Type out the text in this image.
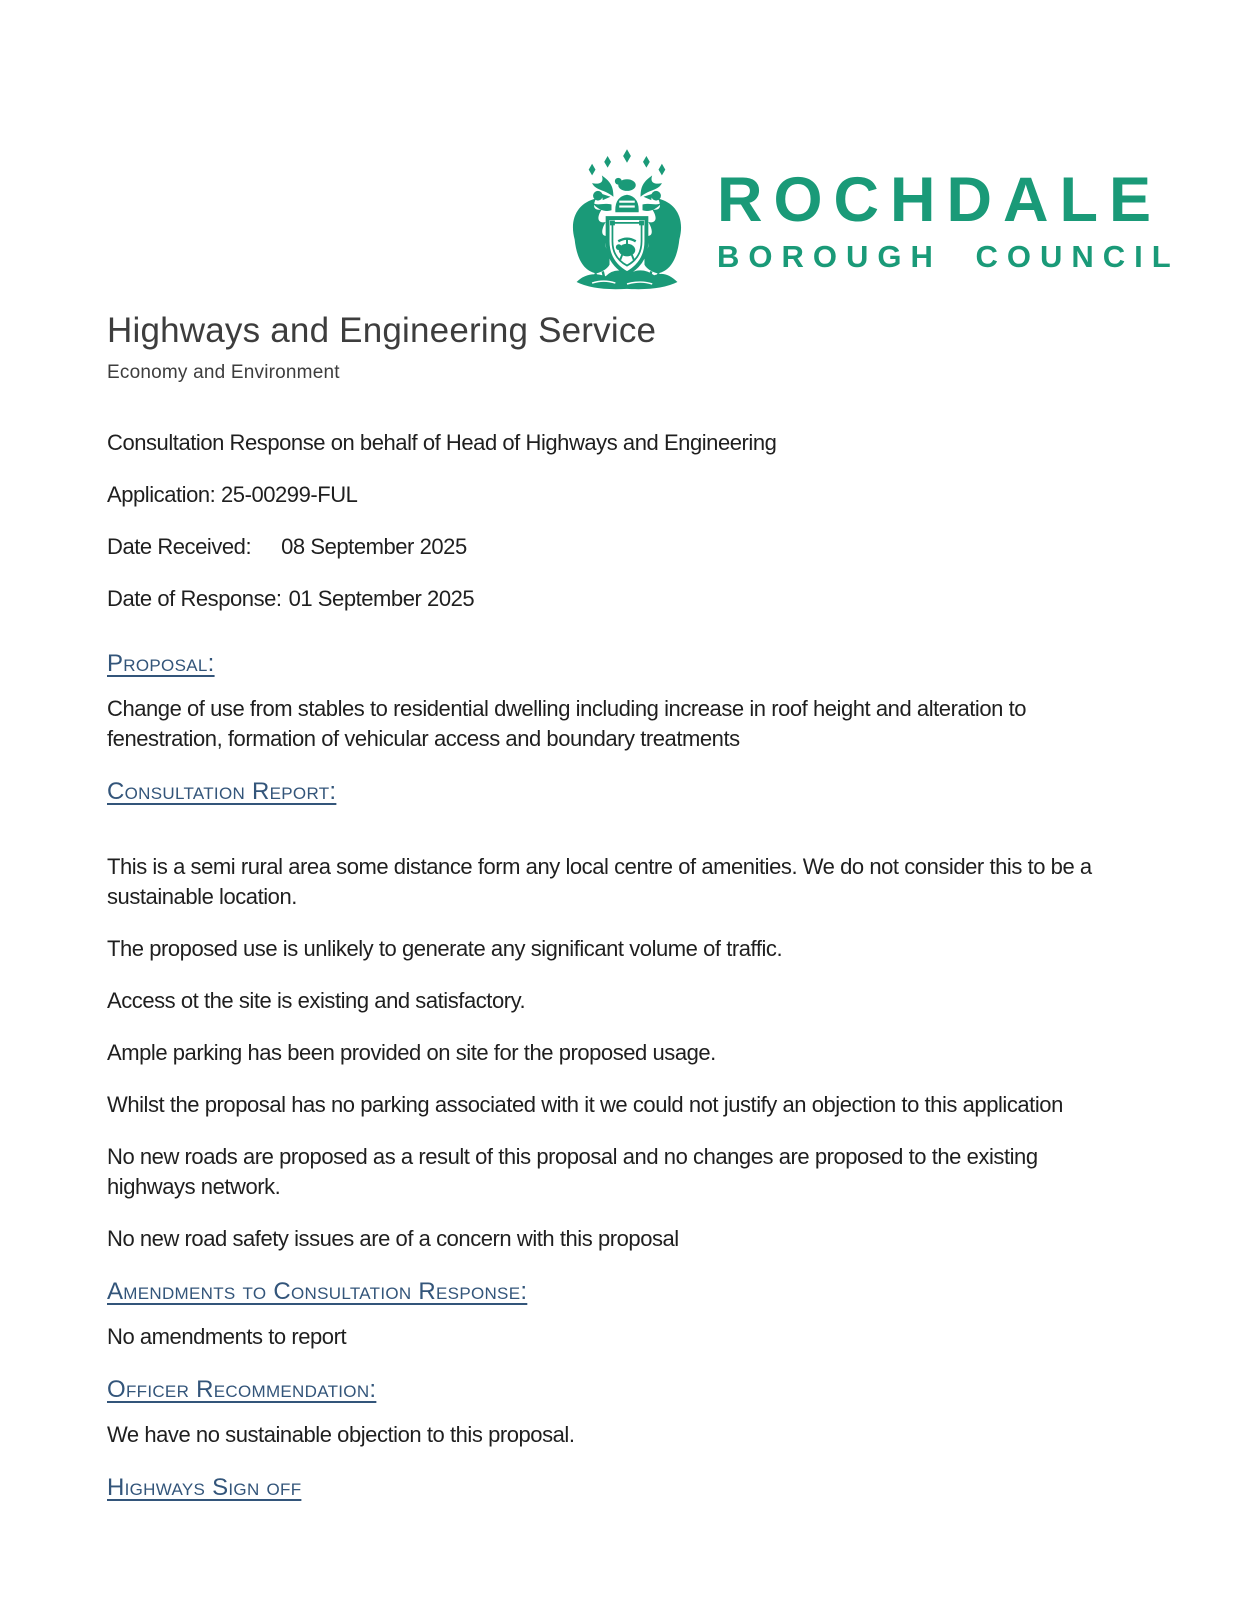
ROCHDALE
BOROUGH COUNCIL
Highways and Engineering Service
Economy and Environment

Consultation Response on behalf of Head of Highways and Engineering

Application: 25-00299-FUL

Date Received: 08 September 2025

Date of Response: 01 September 2025

Proposal:

Change of use from stables to residential dwelling including increase in roof height and alteration to fenestration, formation of vehicular access and boundary treatments

Consultation Report:

This is a semi rural area some distance form any local centre of amenities. We do not consider this to be a sustainable location.

The proposed use is unlikely to generate any significant volume of traffic.

Access ot the site is existing and satisfactory.

Ample parking has been provided on site for the proposed usage.

Whilst the proposal has no parking associated with it we could not justify an objection to this application

No new roads are proposed as a result of this proposal and no changes are proposed to the existing highways network.

No new road safety issues are of a concern with this proposal

Amendments to Consultation Response:

No amendments to report

Officer Recommendation:

We have no sustainable objection to this proposal.

Highways Sign off
